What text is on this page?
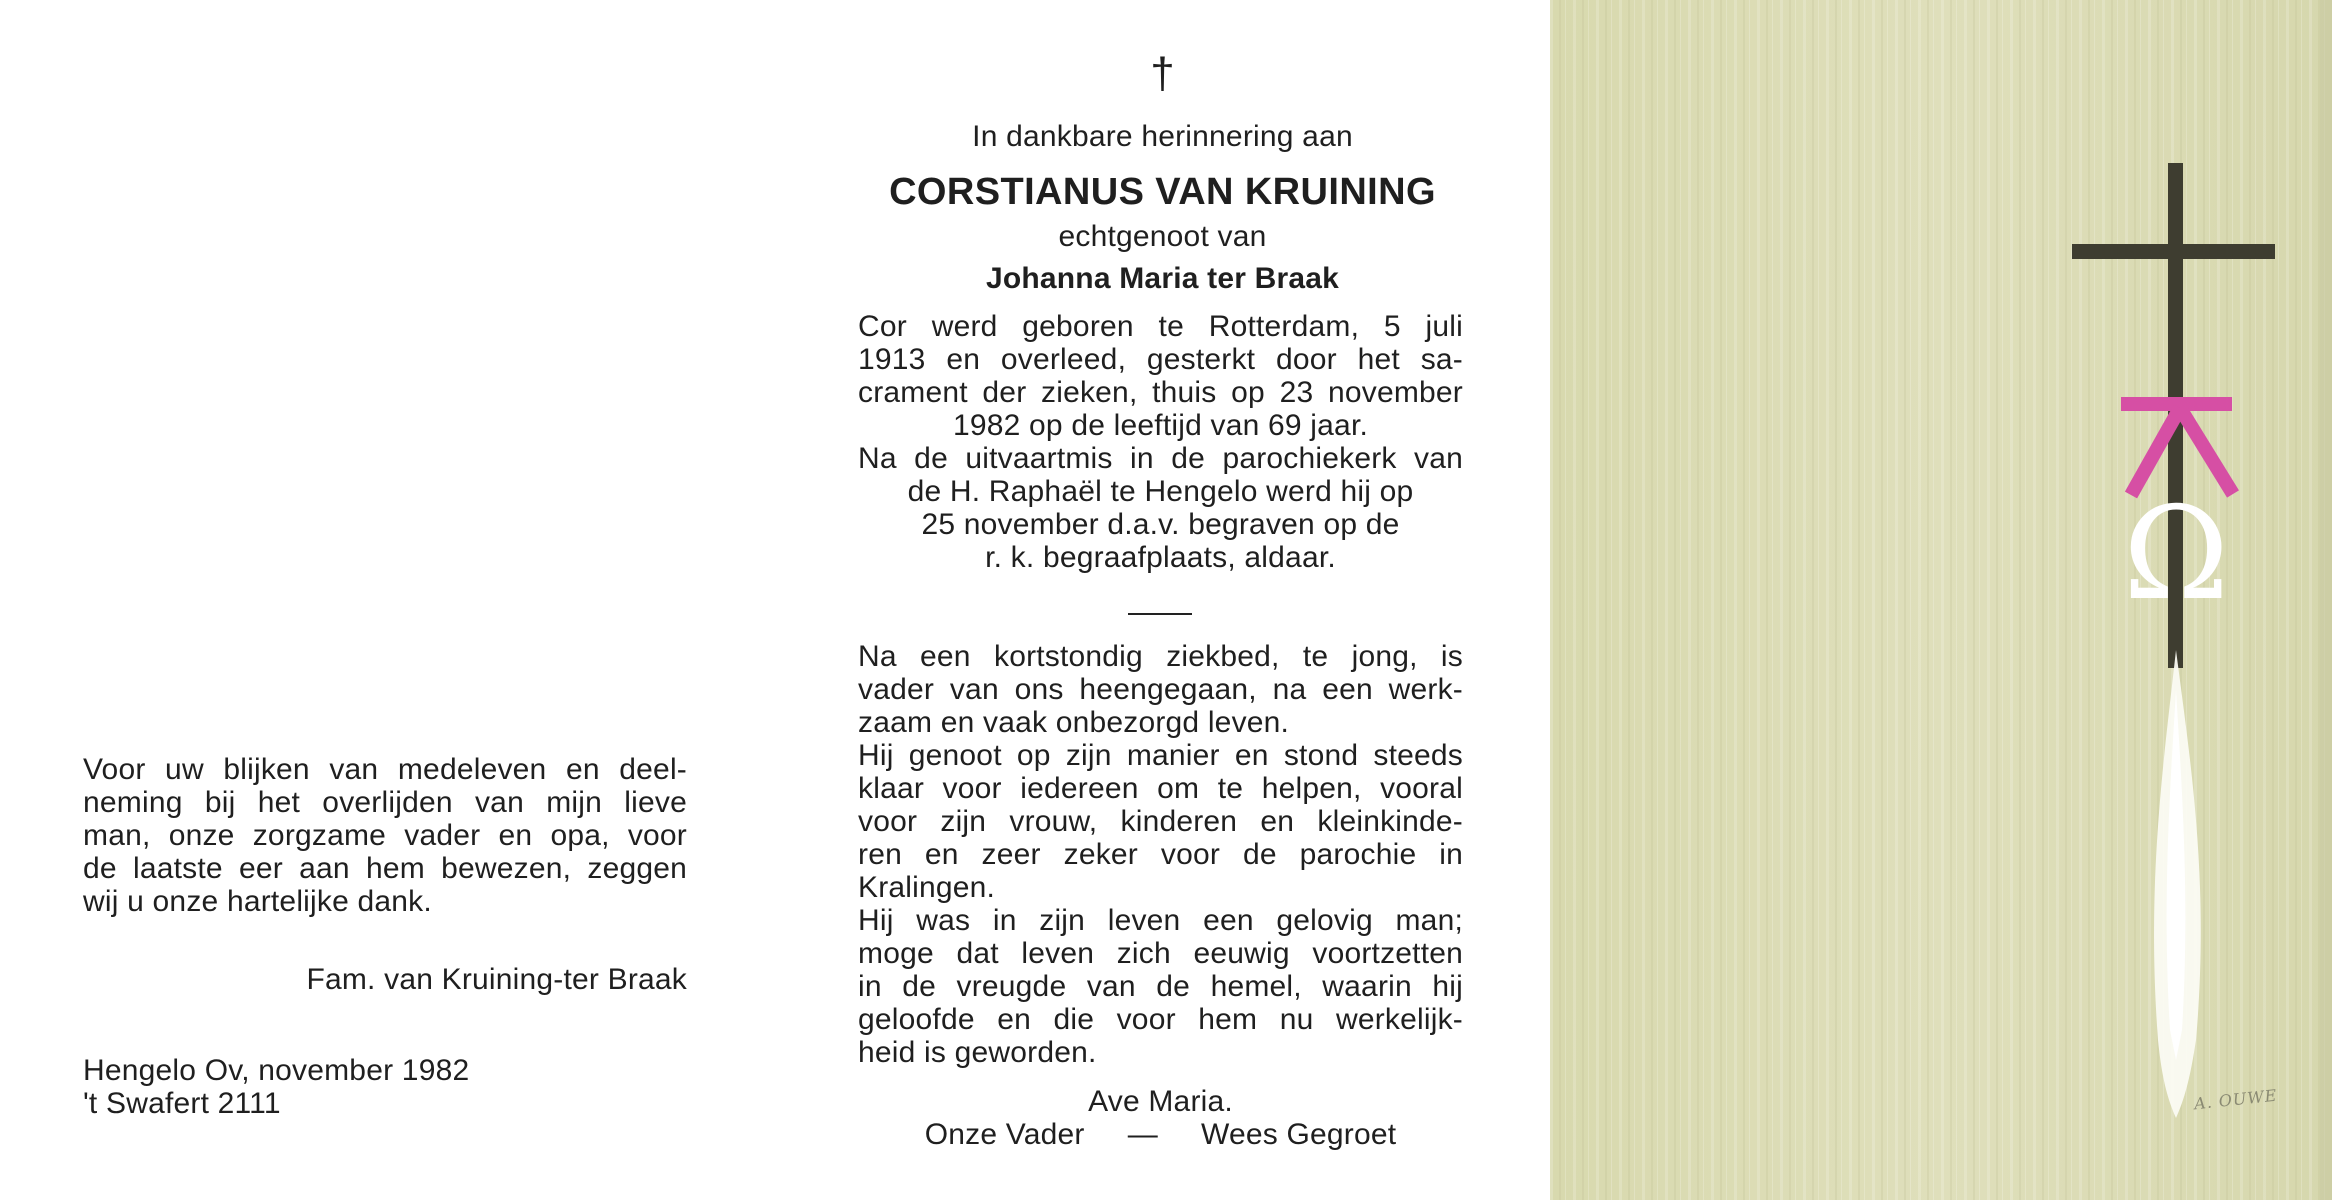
Voor uw blijken van medeleven en deel-
neming bij het overlijden van mijn lieve
man, onze zorgzame vader en opa, voor
de laatste eer aan hem bewezen, zeggen
wij u onze hartelijke dank.
Fam. van Kruining-ter Braak
Hengelo Ov, november 1982
't Swafert 2111
†
In dankbare herinnering aan
CORSTIANUS VAN KRUINING
echtgenoot van
Johanna Maria ter Braak
Cor werd geboren te Rotterdam, 5 juli
1913 en overleed, gesterkt door het sa-
crament der zieken, thuis op 23 november
1982 op de leeftijd van 69 jaar.
Na de uitvaartmis in de parochiekerk van
de H. Raphaël te Hengelo werd hij op
25 november d.a.v. begraven op de
r. k. begraafplaats, aldaar.
Na een kortstondig ziekbed, te jong, is
vader van ons heengegaan, na een werk-
zaam en vaak onbezorgd leven.
Hij genoot op zijn manier en stond steeds
klaar voor iedereen om te helpen, vooral
voor zijn vrouw, kinderen en kleinkinde-
ren en zeer zeker voor de parochie in
Kralingen.
Hij was in zijn leven een gelovig man;
moge dat leven zich eeuwig voortzetten
in de vreugde van de hemel, waarin hij
geloofde en die voor hem nu werkelijk-
heid is geworden.
Ave Maria.
Onze Vader — Wees Gegroet
Ω
A. OUWE
